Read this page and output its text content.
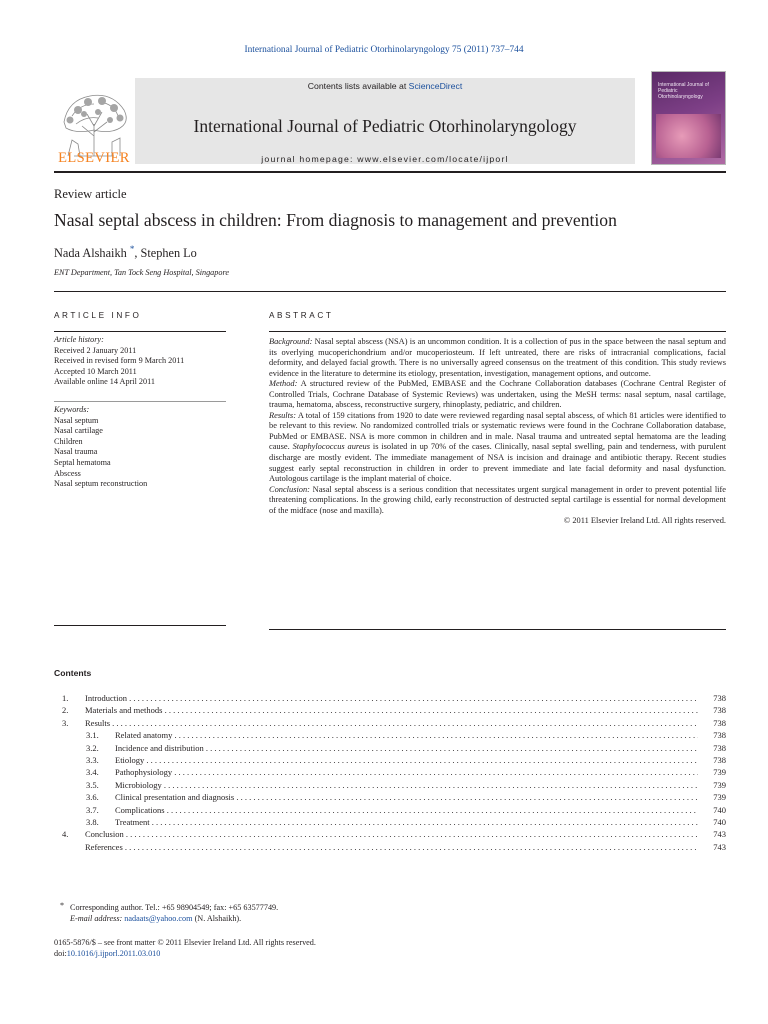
International Journal of Pediatric Otorhinolaryngology 75 (2011) 737–744
ELSEVIER
Contents lists available at ScienceDirect
International Journal of Pediatric Otorhinolaryngology
journal homepage: www.elsevier.com/locate/ijporl
International Journal of Pediatric Otorhinolaryngology
Review article
Nasal septal abscess in children: From diagnosis to management and prevention
Nada Alshaikh *, Stephen Lo
ENT Department, Tan Tock Seng Hospital, Singapore
ARTICLE INFO
Article history:
Received 2 January 2011
Received in revised form 9 March 2011
Accepted 10 March 2011
Available online 14 April 2011
Keywords:
Nasal septum
Nasal cartilage
Children
Nasal trauma
Septal hematoma
Abscess
Nasal septum reconstruction
ABSTRACT

Background: Nasal septal abscess (NSA) is an uncommon condition. It is a collection of pus in the space between the nasal septum and its overlying mucoperichondrium and/or mucoperiosteum. If left untreated, there are risks of intracranial complications, facial deformity, and delayed facial growth. There is no universally agreed consensus on the treatment of this condition. This study reviews evidence in the literature to determine its etiology, presentation, investigation, management options, and outcome.

Method: A structured review of the PubMed, EMBASE and the Cochrane Collaboration databases (Cochrane Central Register of Controlled Trials, Cochrane Database of Systemic Reviews) was undertaken, using the MeSH terms: nasal septum, nasal cartilage, trauma, hematoma, abscess, reconstructive surgery, rhinoplasty, pediatric, and children.

Results: A total of 159 citations from 1920 to date were reviewed regarding nasal septal abscess, of which 81 articles were identified to be relevant to this review. No randomized controlled trials or systematic reviews were found in the Cochrane Collaboration database, PubMed or EMBASE. NSA is more common in children and in male. Nasal trauma and untreated septal hematoma are the leading cause. Staphylococcus aureus is isolated in up 70% of the cases. Clinically, nasal septal swelling, pain and tenderness, with purulent discharge are mostly evident. The immediate management of NSA is incision and drainage and antibiotic therapy. Recent studies suggest early septal reconstruction in children in order to prevent immediate and late facial deformity and nasal dysfunction. Autologous cartilage is the implant material of choice.

Conclusion: Nasal septal abscess is a serious condition that necessitates urgent surgical management in order to prevent potential life threatening complications. In the growing child, early reconstruction of destructed septal cartilage is essential for normal development of the midface (nose and maxilla).

© 2011 Elsevier Ireland Ltd. All rights reserved.

Contents
1. Introduction . . .	738
2. Materials and methods . . .	738
3. Results . . .	738
3.1. Related anatomy . . .	738
3.2. Incidence and distribution . . .	738
3.3. Etiology . . .	738
3.4. Pathophysiology . . .	739
3.5. Microbiology . . .	739
3.6. Clinical presentation and diagnosis . . .	739
3.7. Complications . . .	740
3.8. Treatment . . .	740
4. Conclusion . . .	743
References . . .	743
* Corresponding author. Tel.: +65 98904549; fax: +65 63577749.
E-mail address: nadaats@yahoo.com (N. Alshaikh).
0165-5876/$ – see front matter © 2011 Elsevier Ireland Ltd. All rights reserved.
doi:10.1016/j.ijporl.2011.03.010
